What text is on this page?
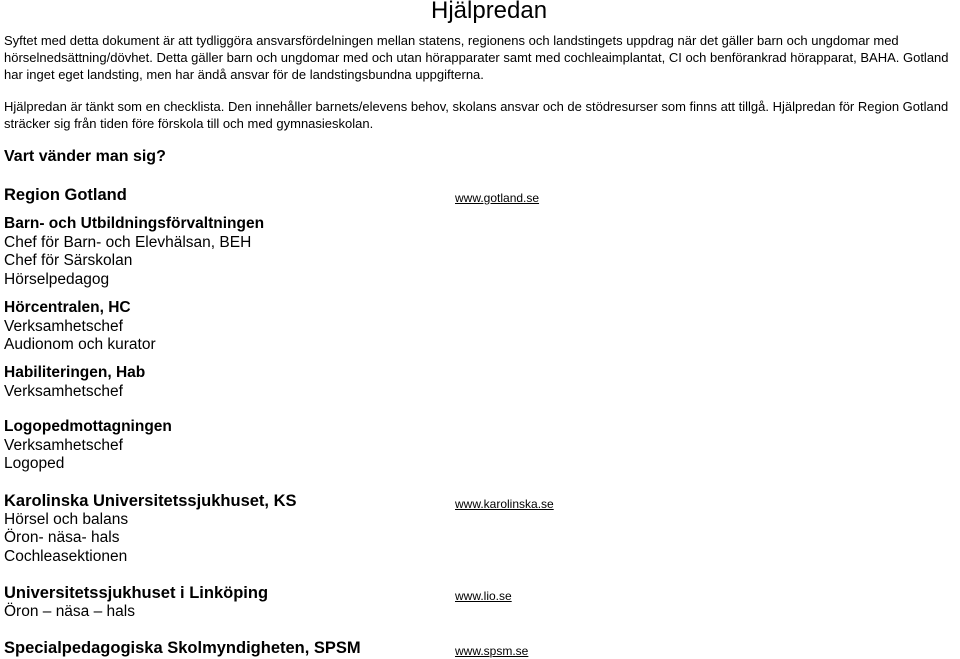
Hjälpredan

Syftet med detta dokument är att tydliggöra ansvarsfördelningen mellan statens, regionens och landstingets uppdrag när det gäller barn och ungdomar med hörselnedsättning/dövhet. Detta gäller barn och ungdomar med och utan hörapparater samt med cochleaimplantat, CI och benförankrad hörapparat, BAHA. Gotland har inget eget landsting, men har ändå ansvar för de landstingsbundna uppgifterna.

Hjälpredan är tänkt som en checklista. Den innehåller barnets/elevens behov, skolans ansvar och de stödresurser som finns att tillgå. Hjälpredan för Region Gotland sträcker sig från tiden före förskola till och med gymnasieskolan.

Vart vänder man sig?
Region Gotland	www.gotland.se
Barn- och Utbildningsförvaltningen
Chef för Barn- och Elevhälsan, BEH
Chef för Särskolan
Hörselpedagog
Hörcentralen, HC
Verksamhetschef
Audionom och kurator
Habiliteringen, Hab
Verksamhetschef
Logopedmottagningen
Verksamhetschef
Logoped
Karolinska Universitetssjukhuset, KS
Hörsel och balans
Öron- näsa- hals
Cochleasektionen
www.karolinska.se
Universitetssjukhuset i Linköping
Öron – näsa – hals
www.lio.se
Specialpedagogiska Skolmyndigheten, SPSM	www.spsm.se
